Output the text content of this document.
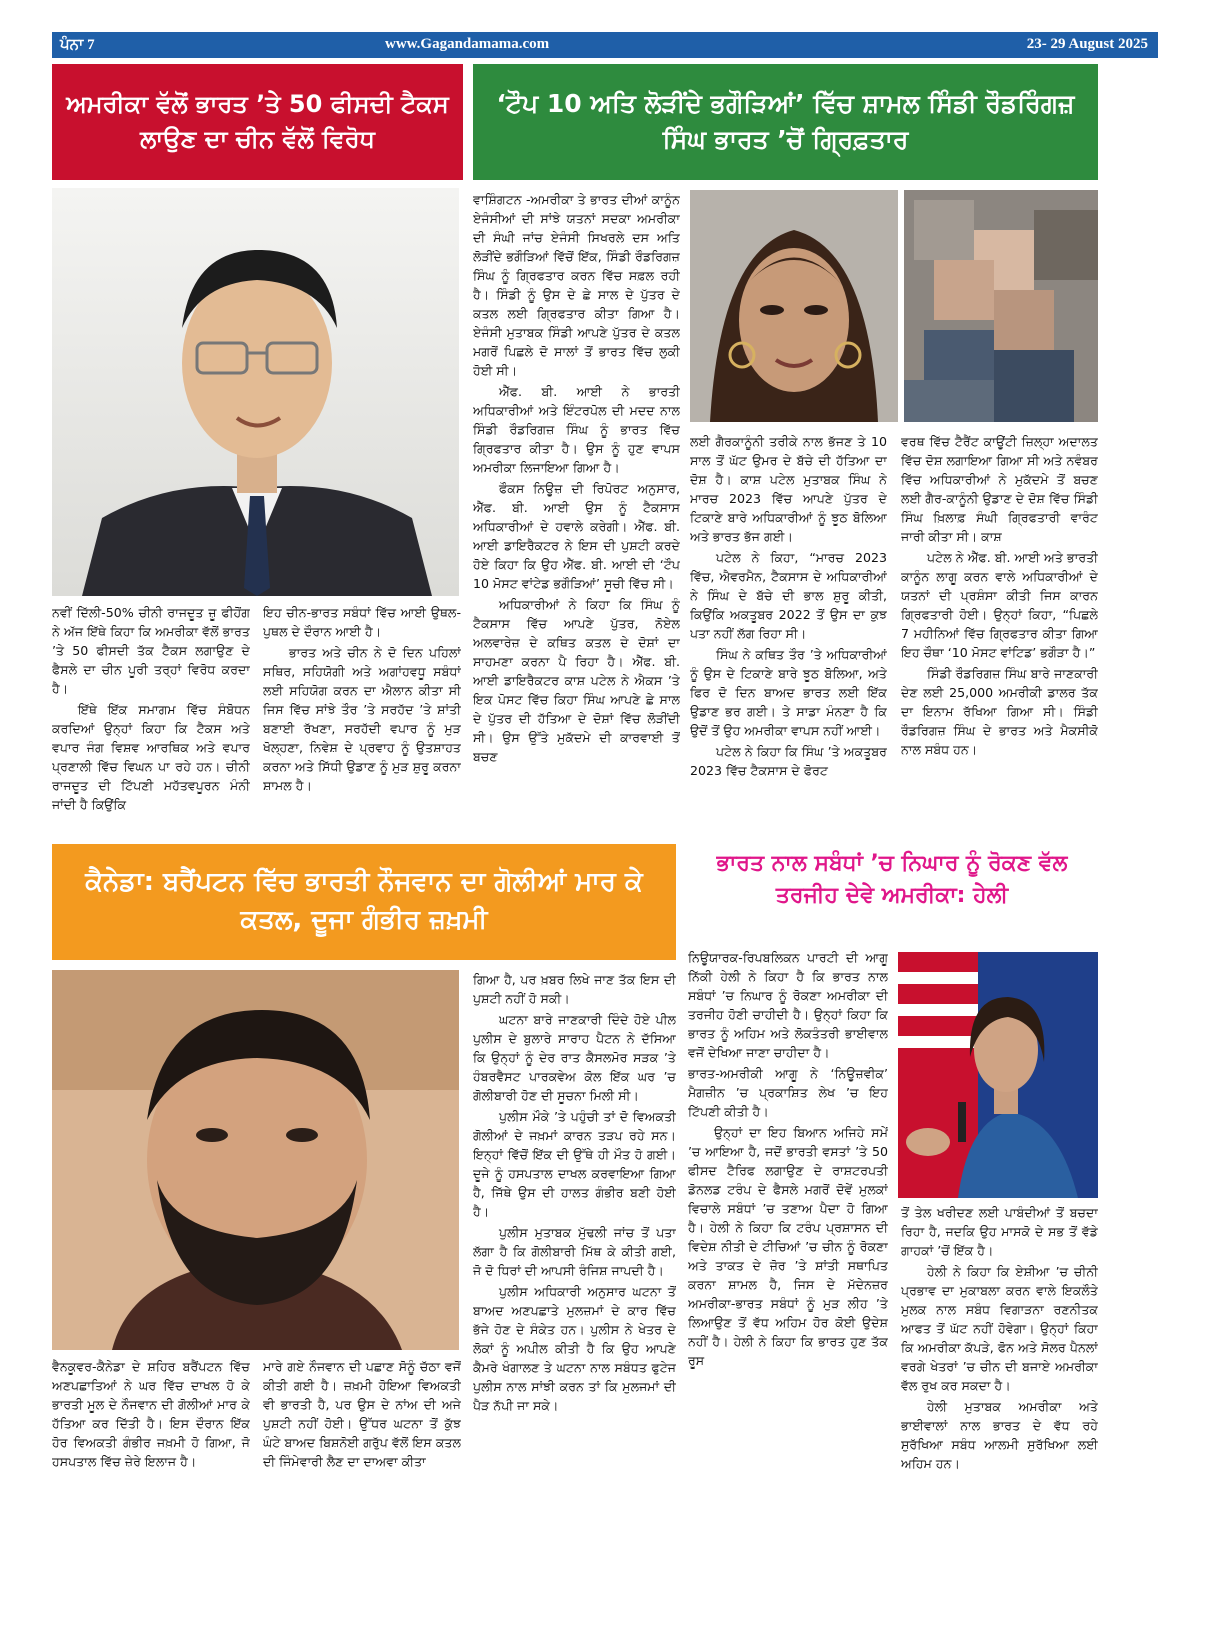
ਪੰਨਾ 7	www.Gagandamama.com	23- 29 August 2025
ਅਮਰੀਕਾ ਵੱਲੋਂ ਭਾਰਤ ’ਤੇ 50 ਫੀਸਦੀ ਟੈਕਸ ਲਾਉਣ ਦਾ ਚੀਨ ਵੱਲੋਂ ਵਿਰੋਧ

ਨਵੀਂ ਦਿੱਲੀ-50% ਚੀਨੀ ਰਾਜਦੂਤ ਜ਼ੂ ਫੀਹੋਂਗ ਨੇ ਅੱਜ ਇੱਥੇ ਕਿਹਾ ਕਿ ਅਮਰੀਕਾ ਵੱਲੋਂ ਭਾਰਤ ’ਤੇ 50 ਫੀਸਦੀ ਤੱਕ ਟੈਕਸ ਲਗਾਉਣ ਦੇ ਫੈਸਲੇ ਦਾ ਚੀਨ ਪੂਰੀ ਤਰ੍ਹਾਂ ਵਿਰੋਧ ਕਰਦਾ ਹੈ।

ਇੱਥੇ ਇੱਕ ਸਮਾਗਮ ਵਿੱਚ ਸੰਬੋਧਨ ਕਰਦਿਆਂ ਉਨ੍ਹਾਂ ਕਿਹਾ ਕਿ ਟੈਕਸ ਅਤੇ ਵਪਾਰ ਜੰਗ ਵਿਸ਼ਵ ਆਰਥਿਕ ਅਤੇ ਵਪਾਰ ਪ੍ਰਣਾਲੀ ਵਿੱਚ ਵਿਘਨ ਪਾ ਰਹੇ ਹਨ। ਚੀਨੀ ਰਾਜਦੂਤ ਦੀ ਟਿੱਪਣੀ ਮਹੱਤਵਪੂਰਨ ਮੰਨੀ ਜਾਂਦੀ ਹੈ ਕਿਉਂਕਿ

ਇਹ ਚੀਨ-ਭਾਰਤ ਸਬੰਧਾਂ ਵਿੱਚ ਆਈ ਉਥਲ-ਪੁਥਲ ਦੇ ਦੌਰਾਨ ਆਈ ਹੈ।

ਭਾਰਤ ਅਤੇ ਚੀਨ ਨੇ ਦੋ ਦਿਨ ਪਹਿਲਾਂ ਸਥਿਰ, ਸਹਿਯੋਗੀ ਅਤੇ ਅਗਾਂਹਵਧੂ ਸਬੰਧਾਂ ਲਈ ਸਹਿਯੋਗ ਕਰਨ ਦਾ ਐਲਾਨ ਕੀਤਾ ਸੀ ਜਿਸ ਵਿੱਚ ਸਾਂਝੇ ਤੌਰ ’ਤੇ ਸਰਹੱਦ ’ਤੇ ਸ਼ਾਂਤੀ ਬਣਾਈ ਰੱਖਣਾ, ਸਰਹੱਦੀ ਵਪਾਰ ਨੂੰ ਮੁੜ ਖੋਲ੍ਹਣਾ, ਨਿਵੇਸ਼ ਦੇ ਪ੍ਰਵਾਹ ਨੂੰ ਉਤਸ਼ਾਹਤ ਕਰਨਾ ਅਤੇ ਸਿੱਧੀ ਉਡਾਣ ਨੂੰ ਮੁੜ ਸ਼ੁਰੂ ਕਰਨਾ ਸ਼ਾਮਲ ਹੈ।

‘ਟੌਪ 10 ਅਤਿ ਲੋੜੀਂਦੇ ਭਗੌੜਿਆਂ’ ਵਿੱਚ ਸ਼ਾਮਲ ਸਿੰਡੀ ਰੌਡਰਿੰਗਜ਼ ਸਿੰਘ ਭਾਰਤ ’ਚੋਂ ਗ੍ਰਿਫ਼ਤਾਰ

ਵਾਸ਼ਿੰਗਟਨ -ਅਮਰੀਕਾ ਤੇ ਭਾਰਤ ਦੀਆਂ ਕਾਨੂੰਨ ਏਜੰਸੀਆਂ ਦੀ ਸਾਂਝੇ ਯਤਨਾਂ ਸਦਕਾ ਅਮਰੀਕਾ ਦੀ ਸੰਘੀ ਜਾਂਚ ਏਜੰਸੀ ਸਿਖਰਲੇ ਦਸ ਅਤਿ ਲੋੜੀਂਦੇ ਭਗੌੜਿਆਂ ਵਿੱਚੋਂ ਇੱਕ, ਸਿੰਡੀ ਰੌਡਰਿਗਜ਼ ਸਿੰਘ ਨੂੰ ਗ੍ਰਿਫਤਾਰ ਕਰਨ ਵਿੱਚ ਸਫ਼ਲ ਰਹੀ ਹੈ। ਸਿੰਡੀ ਨੂੰ ਉਸ ਦੇ ਛੇ ਸਾਲ ਦੇ ਪੁੱਤਰ ਦੇ ਕਤਲ ਲਈ ਗ੍ਰਿਫਤਾਰ ਕੀਤਾ ਗਿਆ ਹੈ। ਏਜੰਸੀ ਮੁਤਾਬਕ ਸਿੰਡੀ ਆਪਣੇ ਪੁੱਤਰ ਦੇ ਕਤਲ ਮਗਰੋਂ ਪਿਛਲੇ ਦੋ ਸਾਲਾਂ ਤੋਂ ਭਾਰਤ ਵਿੱਚ ਲੁਕੀ ਹੋਈ ਸੀ।

ਐੱਫ. ਬੀ. ਆਈ ਨੇ ਭਾਰਤੀ ਅਧਿਕਾਰੀਆਂ ਅਤੇ ਇੰਟਰਪੋਲ ਦੀ ਮਦਦ ਨਾਲ ਸਿੰਡੀ ਰੌਡਰਿਗਜ਼ ਸਿੰਘ ਨੂੰ ਭਾਰਤ ਵਿੱਚ ਗ੍ਰਿਫਤਾਰ ਕੀਤਾ ਹੈ। ਉਸ ਨੂੰ ਹੁਣ ਵਾਪਸ ਅਮਰੀਕਾ ਲਿਜਾਇਆ ਗਿਆ ਹੈ।

ਫੌਕਸ ਨਿਊਜ਼ ਦੀ ਰਿਪੋਰਟ ਅਨੁਸਾਰ, ਐੱਫ. ਬੀ. ਆਈ ਉਸ ਨੂੰ ਟੈਕਸਾਸ ਅਧਿਕਾਰੀਆਂ ਦੇ ਹਵਾਲੇ ਕਰੇਗੀ। ਐੱਫ. ਬੀ. ਆਈ ਡਾਇਰੈਕਟਰ ਨੇ ਇਸ ਦੀ ਪੁਸ਼ਟੀ ਕਰਦੇ ਹੋਏ ਕਿਹਾ ਕਿ ਉਹ ਐੱਫ. ਬੀ. ਆਈ ਦੀ ‘ਟੌਪ 10 ਮੋਸਟ ਵਾਂਟੇਡ ਭਗੌੜਿਆਂ’ ਸੂਚੀ ਵਿੱਚ ਸੀ।

ਅਧਿਕਾਰੀਆਂ ਨੇ ਕਿਹਾ ਕਿ ਸਿੰਘ ਨੂੰ ਟੈਕਸਾਸ ਵਿੱਚ ਆਪਣੇ ਪੁੱਤਰ, ਨੋਏਲ ਅਲਵਾਰੇਜ਼ ਦੇ ਕਥਿਤ ਕਤਲ ਦੇ ਦੋਸ਼ਾਂ ਦਾ ਸਾਹਮਣਾ ਕਰਨਾ ਪੈ ਰਿਹਾ ਹੈ। ਐੱਫ. ਬੀ. ਆਈ ਡਾਇਰੈਕਟਰ ਕਾਸ਼ ਪਟੇਲ ਨੇ ਐਕਸ ’ਤੇ ਇਕ ਪੋਸਟ ਵਿੱਚ ਕਿਹਾ ਸਿੰਘ ਆਪਣੇ ਛੇ ਸਾਲ ਦੇ ਪੁੱਤਰ ਦੀ ਹੱਤਿਆ ਦੇ ਦੋਸ਼ਾਂ ਵਿੱਚ ਲੋੜੀਂਦੀ ਸੀ। ਉਸ ਉੱਤੇ ਮੁਕੱਦਮੇ ਦੀ ਕਾਰਵਾਈ ਤੋਂ ਬਚਣ

ਲਈ ਗੈਰਕਾਨੂੰਨੀ ਤਰੀਕੇ ਨਾਲ ਭੱਜਣ ਤੇ 10 ਸਾਲ ਤੋਂ ਘੱਟ ਉਮਰ ਦੇ ਬੱਚੇ ਦੀ ਹੱਤਿਆ ਦਾ ਦੋਸ਼ ਹੈ। ਕਾਸ਼ ਪਟੇਲ ਮੁਤਾਬਕ ਸਿੰਘ ਨੇ ਮਾਰਚ 2023 ਵਿੱਚ ਆਪਣੇ ਪੁੱਤਰ ਦੇ ਟਿਕਾਣੇ ਬਾਰੇ ਅਧਿਕਾਰੀਆਂ ਨੂੰ ਝੂਠ ਬੋਲਿਆ ਅਤੇ ਭਾਰਤ ਭੱਜ ਗਈ।

ਪਟੇਲ ਨੇ ਕਿਹਾ, “ਮਾਰਚ 2023 ਵਿੱਚ, ਐਵਰਮੈਨ, ਟੈਕਸਾਸ ਦੇ ਅਧਿਕਾਰੀਆਂ ਨੇ ਸਿੰਘ ਦੇ ਬੱਚੇ ਦੀ ਭਾਲ ਸ਼ੁਰੂ ਕੀਤੀ, ਕਿਉਂਕਿ ਅਕਤੂਬਰ 2022 ਤੋਂ ਉਸ ਦਾ ਕੁਝ ਪਤਾ ਨਹੀਂ ਲੱਗ ਰਿਹਾ ਸੀ।

ਸਿੰਘ ਨੇ ਕਥਿਤ ਤੌਰ ’ਤੇ ਅਧਿਕਾਰੀਆਂ ਨੂੰ ਉਸ ਦੇ ਟਿਕਾਣੇ ਬਾਰੇ ਝੂਠ ਬੋਲਿਆ, ਅਤੇ ਫਿਰ ਦੋ ਦਿਨ ਬਾਅਦ ਭਾਰਤ ਲਈ ਇੱਕ ਉਡਾਣ ਭਰ ਗਈ। ਤੇ ਸਾਡਾ ਮੰਨਣਾ ਹੈ ਕਿ ਉਦੋਂ ਤੋਂ ਉਹ ਅਮਰੀਕਾ ਵਾਪਸ ਨਹੀਂ ਆਈ।

ਪਟੇਲ ਨੇ ਕਿਹਾ ਕਿ ਸਿੰਘ ’ਤੇ ਅਕਤੂਬਰ 2023 ਵਿੱਚ ਟੈਕਸਾਸ ਦੇ ਫੋਰਟ

ਵਰਥ ਵਿੱਚ ਟੈਰੈਂਟ ਕਾਊਂਟੀ ਜ਼ਿਲ੍ਹਾ ਅਦਾਲਤ ਵਿੱਚ ਦੋਸ਼ ਲਗਾਇਆ ਗਿਆ ਸੀ ਅਤੇ ਨਵੰਬਰ ਵਿੱਚ ਅਧਿਕਾਰੀਆਂ ਨੇ ਮੁਕੱਦਮੇ ਤੋਂ ਬਚਣ ਲਈ ਗੈਰ-ਕਾਨੂੰਨੀ ਉਡਾਣ ਦੇ ਦੋਸ਼ ਵਿੱਚ ਸਿੰਡੀ ਸਿੰਘ ਖ਼ਿਲਾਫ਼ ਸੰਘੀ ਗ੍ਰਿਫਤਾਰੀ ਵਾਰੰਟ ਜਾਰੀ ਕੀਤਾ ਸੀ। ਕਾਸ਼

ਪਟੇਲ ਨੇ ਐੱਫ. ਬੀ. ਆਈ ਅਤੇ ਭਾਰਤੀ ਕਾਨੂੰਨ ਲਾਗੂ ਕਰਨ ਵਾਲੇ ਅਧਿਕਾਰੀਆਂ ਦੇ ਯਤਨਾਂ ਦੀ ਪ੍ਰਸ਼ੰਸਾ ਕੀਤੀ ਜਿਸ ਕਾਰਨ ਗ੍ਰਿਫਤਾਰੀ ਹੋਈ। ਉਨ੍ਹਾਂ ਕਿਹਾ, “ਪਿਛਲੇ 7 ਮਹੀਨਿਆਂ ਵਿੱਚ ਗ੍ਰਿਫਤਾਰ ਕੀਤਾ ਗਿਆ ਇਹ ਚੌਥਾ ‘10 ਮੋਸਟ ਵਾਂਟਿਡ’ ਭਗੌੜਾ ਹੈ।”

ਸਿੰਡੀ ਰੌਡਰਿਗਜ਼ ਸਿੰਘ ਬਾਰੇ ਜਾਣਕਾਰੀ ਦੇਣ ਲਈ 25,000 ਅਮਰੀਕੀ ਡਾਲਰ ਤੱਕ ਦਾ ਇਨਾਮ ਰੱਖਿਆ ਗਿਆ ਸੀ। ਸਿੰਡੀ ਰੌਡਰਿਗਜ਼ ਸਿੰਘ ਦੇ ਭਾਰਤ ਅਤੇ ਮੈਕਸੀਕੋ ਨਾਲ ਸਬੰਧ ਹਨ।

ਕੈਨੇਡਾ: ਬਰੈਂਪਟਨ ਵਿੱਚ ਭਾਰਤੀ ਨੌਜਵਾਨ ਦਾ ਗੋਲੀਆਂ ਮਾਰ ਕੇ ਕਤਲ, ਦੂਜਾ ਗੰਭੀਰ ਜ਼ਖ਼ਮੀ

ਵੈਨਕੂਵਰ-ਕੈਨੇਡਾ ਦੇ ਸ਼ਹਿਰ ਬਰੈਂਪਟਨ ਵਿੱਚ ਅਣਪਛਾਤਿਆਂ ਨੇ ਘਰ ਵਿੱਚ ਦਾਖਲ ਹੋ ਕੇ ਭਾਰਤੀ ਮੂਲ ਦੇ ਨੌਜਵਾਨ ਦੀ ਗੋਲੀਆਂ ਮਾਰ ਕੇ ਹੱਤਿਆ ਕਰ ਦਿੱਤੀ ਹੈ। ਇਸ ਦੌਰਾਨ ਇੱਕ ਹੋਰ ਵਿਅਕਤੀ ਗੰਭੀਰ ਜਖ਼ਮੀ ਹੋ ਗਿਆ, ਜੋ ਹਸਪਤਾਲ ਵਿੱਚ ਜ਼ੇਰੇ ਇਲਾਜ ਹੈ।

ਮਾਰੇ ਗਏ ਨੌਜਵਾਨ ਦੀ ਪਛਾਣ ਸੋਨੂੰ ਚੱਠਾ ਵਜੋਂ ਕੀਤੀ ਗਈ ਹੈ। ਜ਼ਖ਼ਮੀ ਹੋਇਆ ਵਿਅਕਤੀ ਵੀ ਭਾਰਤੀ ਹੈ, ਪਰ ਉਸ ਦੇ ਨਾਂਅ ਦੀ ਅਜੇ ਪੁਸ਼ਟੀ ਨਹੀਂ ਹੋਈ। ਉੱਧਰ ਘਟਨਾ ਤੋਂ ਕੁੱਝ ਘੰਟੇ ਬਾਅਦ ਬਿਸ਼ਨੋਈ ਗਰੁੱਪ ਵੱਲੋਂ ਇਸ ਕਤਲ ਦੀ ਜਿੰਮੇਵਾਰੀ ਲੈਣ ਦਾ ਦਾਅਵਾ ਕੀਤਾ

ਗਿਆ ਹੈ, ਪਰ ਖ਼ਬਰ ਲਿਖੇ ਜਾਣ ਤੱਕ ਇਸ ਦੀ ਪੁਸ਼ਟੀ ਨਹੀਂ ਹੋ ਸਕੀ।

ਘਟਨਾ ਬਾਰੇ ਜਾਣਕਾਰੀ ਦਿੰਦੇ ਹੋਏ ਪੀਲ ਪੁਲੀਸ ਦੇ ਬੁਲਾਰੇ ਸਾਰਾਹ ਪੈਟਨ ਨੇ ਦੱਸਿਆ ਕਿ ਉਨ੍ਹਾਂ ਨੂੰ ਦੇਰ ਰਾਤ ਕੈਸਲਮੋਰ ਸੜਕ ’ਤੇ ਹੰਬਰਵੈਸਟ ਪਾਰਕਵੇਅ ਕੋਲ ਇੱਕ ਘਰ ’ਚ ਗੋਲੀਬਾਰੀ ਹੋਣ ਦੀ ਸੂਚਨਾ ਮਿਲੀ ਸੀ।

ਪੁਲੀਸ ਮੌਕੇ ’ਤੇ ਪਹੁੰਚੀ ਤਾਂ ਦੋ ਵਿਅਕਤੀ ਗੋਲੀਆਂ ਦੇ ਜਖ਼ਮਾਂ ਕਾਰਨ ਤੜਪ ਰਹੇ ਸਨ। ਇਨ੍ਹਾਂ ਵਿੱਚੋਂ ਇੱਕ ਦੀ ਉੱਥੇ ਹੀ ਮੌਤ ਹੋ ਗਈ। ਦੂਜੇ ਨੂੰ ਹਸਪਤਾਲ ਦਾਖਲ ਕਰਵਾਇਆ ਗਿਆ ਹੈ, ਜਿੱਥੇ ਉਸ ਦੀ ਹਾਲਤ ਗੰਭੀਰ ਬਣੀ ਹੋਈ ਹੈ।

ਪੁਲੀਸ ਮੁਤਾਬਕ ਮੁੱਢਲੀ ਜਾਂਚ ਤੋਂ ਪਤਾ ਲੱਗਾ ਹੈ ਕਿ ਗੋਲੀਬਾਰੀ ਮਿੱਥ ਕੇ ਕੀਤੀ ਗਈ, ਜੋ ਦੋ ਧਿਰਾਂ ਦੀ ਆਪਸੀ ਰੰਜਿਸ਼ ਜਾਪਦੀ ਹੈ।

ਪੁਲੀਸ ਅਧਿਕਾਰੀ ਅਨੁਸਾਰ ਘਟਨਾ ਤੋਂ ਬਾਅਦ ਅਣਪਛਾਤੇ ਮੁਲਜ਼ਮਾਂ ਦੇ ਕਾਰ ਵਿੱਚ ਭੱਜੇ ਹੋਣ ਦੇ ਸੰਕੇਤ ਹਨ। ਪੁਲੀਸ ਨੇ ਖੇਤਰ ਦੇ ਲੋਕਾਂ ਨੂੰ ਅਪੀਲ ਕੀਤੀ ਹੈ ਕਿ ਉਹ ਆਪਣੇ ਕੈਮਰੇ ਖੰਗਾਲਣ ਤੇ ਘਟਨਾ ਨਾਲ ਸਬੰਧਤ ਫੁਟੇਜ ਪੁਲੀਸ ਨਾਲ ਸਾਂਝੀ ਕਰਨ ਤਾਂ ਕਿ ਮੁਲਜਮਾਂ ਦੀ ਪੈੜ ਨੱਪੀ ਜਾ ਸਕੇ।

ਭਾਰਤ ਨਾਲ ਸਬੰਧਾਂ ’ਚ ਨਿਘਾਰ ਨੂੰ ਰੋਕਣ ਵੱਲ ਤਰਜੀਹ ਦੇਵੇ ਅਮਰੀਕਾ: ਹੇਲੀ

ਨਿਊਯਾਰਕ-ਰਿਪਬਲਿਕਨ ਪਾਰਟੀ ਦੀ ਆਗੂ ਨਿੱਕੀ ਹੇਲੀ ਨੇ ਕਿਹਾ ਹੈ ਕਿ ਭਾਰਤ ਨਾਲ ਸਬੰਧਾਂ ’ਚ ਨਿਘਾਰ ਨੂੰ ਰੋਕਣਾ ਅਮਰੀਕਾ ਦੀ ਤਰਜੀਹ ਹੋਣੀ ਚਾਹੀਦੀ ਹੈ। ਉਨ੍ਹਾਂ ਕਿਹਾ ਕਿ ਭਾਰਤ ਨੂੰ ਅਹਿਮ ਅਤੇ ਲੋਕਤੰਤਰੀ ਭਾਈਵਾਲ ਵਜੋਂ ਦੇਖਿਆ ਜਾਣਾ ਚਾਹੀਦਾ ਹੈ।

ਭਾਰਤ-ਅਮਰੀਕੀ ਆਗੂ ਨੇ ‘ਨਿਊਜ਼ਵੀਕ’ ਮੈਗਜ਼ੀਨ ’ਚ ਪ੍ਰਕਾਸ਼ਿਤ ਲੇਖ ’ਚ ਇਹ ਟਿੱਪਣੀ ਕੀਤੀ ਹੈ।

ਉਨ੍ਹਾਂ ਦਾ ਇਹ ਬਿਆਨ ਅਜਿਹੇ ਸਮੇਂ ’ਚ ਆਇਆ ਹੈ, ਜਦੋਂ ਭਾਰਤੀ ਵਸਤਾਂ ’ਤੇ 50 ਫੀਸਦ ਟੈਰਿਫ ਲਗਾਉਣ ਦੇ ਰਾਸ਼ਟਰਪਤੀ ਡੋਨਲਡ ਟਰੰਪ ਦੇ ਫੈਸਲੇ ਮਗਰੋਂ ਦੋਵੇਂ ਮੁਲਕਾਂ ਵਿਚਾਲੇ ਸਬੰਧਾਂ ’ਚ ਤਣਾਅ ਪੈਦਾ ਹੋ ਗਿਆ ਹੈ। ਹੇਲੀ ਨੇ ਕਿਹਾ ਕਿ ਟਰੰਪ ਪ੍ਰਸ਼ਾਸਨ ਦੀ ਵਿਦੇਸ਼ ਨੀਤੀ ਦੇ ਟੀਚਿਆਂ ’ਚ ਚੀਨ ਨੂੰ ਰੋਕਣਾ ਅਤੇ ਤਾਕਤ ਦੇ ਜ਼ੋਰ ’ਤੇ ਸ਼ਾਂਤੀ ਸਥਾਪਿਤ ਕਰਨਾ ਸ਼ਾਮਲ ਹੈ, ਜਿਸ ਦੇ ਮੱਦੇਨਜ਼ਰ ਅਮਰੀਕਾ-ਭਾਰਤ ਸਬੰਧਾਂ ਨੂੰ ਮੁੜ ਲੀਹ ’ਤੇ ਲਿਆਉਣ ਤੋਂ ਵੱਧ ਅਹਿਮ ਹੋਰ ਕੋਈ ਉਦੇਸ਼ ਨਹੀਂ ਹੈ। ਹੇਲੀ ਨੇ ਕਿਹਾ ਕਿ ਭਾਰਤ ਹੁਣ ਤੱਕ ਰੂਸ

ਤੋਂ ਤੇਲ ਖਰੀਦਣ ਲਈ ਪਾਬੰਦੀਆਂ ਤੋਂ ਬਚਦਾ ਰਿਹਾ ਹੈ, ਜਦਕਿ ਉਹ ਮਾਸਕੋ ਦੇ ਸਭ ਤੋਂ ਵੱਡੇ ਗਾਹਕਾਂ ’ਚੋਂ ਇੱਕ ਹੈ।

ਹੇਲੀ ਨੇ ਕਿਹਾ ਕਿ ਏਸ਼ੀਆ ’ਚ ਚੀਨੀ ਪ੍ਰਭਾਵ ਦਾ ਮੁਕਾਬਲਾ ਕਰਨ ਵਾਲੇ ਇਕਲੌਤੇ ਮੁਲਕ ਨਾਲ ਸਬੰਧ ਵਿਗਾੜਨਾ ਰਣਨੀਤਕ ਆਫਤ ਤੋਂ ਘੱਟ ਨਹੀਂ ਹੋਵੇਗਾ। ਉਨ੍ਹਾਂ ਕਿਹਾ ਕਿ ਅਮਰੀਕਾ ਕੱਪੜੇ, ਫੋਨ ਅਤੇ ਸੋਲਰ ਪੈਨਲਾਂ ਵਰਗੇ ਖੇਤਰਾਂ ’ਚ ਚੀਨ ਦੀ ਬਜਾਏ ਅਮਰੀਕਾ ਵੱਲ ਰੁਖ ਕਰ ਸਕਦਾ ਹੈ।

ਹੇਲੀ ਮੁਤਾਬਕ ਅਮਰੀਕਾ ਅਤੇ ਭਾਈਵਾਲਾਂ ਨਾਲ ਭਾਰਤ ਦੇ ਵੱਧ ਰਹੇ ਸੁਰੱਖਿਆ ਸਬੰਧ ਆਲਮੀ ਸੁਰੱਖਿਆ ਲਈ ਅਹਿਮ ਹਨ।
